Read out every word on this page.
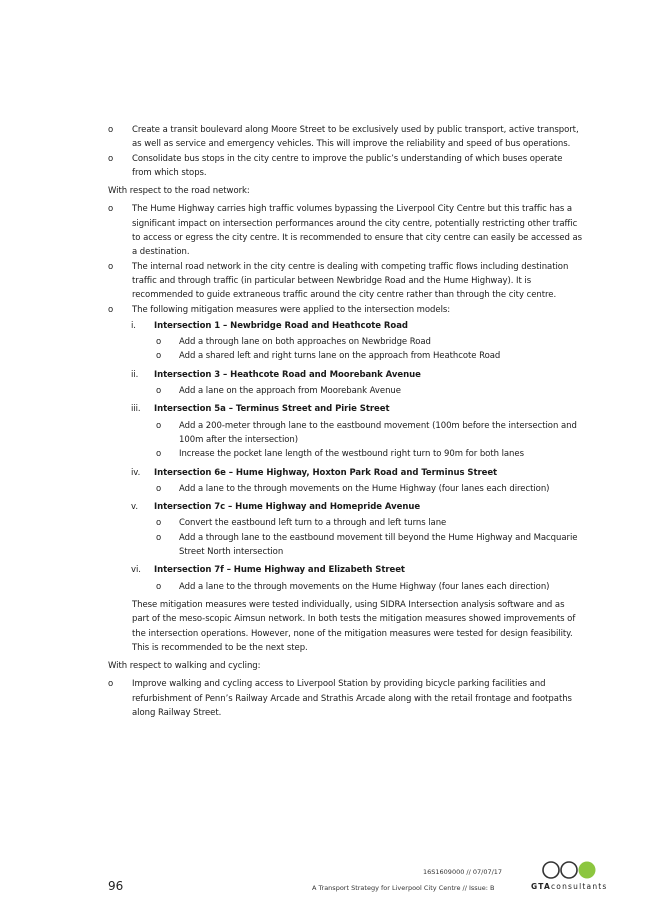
o	Create a transit boulevard along Moore Street to be exclusively used by public transport, active transport, as well as service and emergency vehicles. This will improve the reliability and speed of bus operations.

o	Consolidate bus stops in the city centre to improve the public’s understanding of which buses operate from which stops.

With respect to the road network:

o	The Hume Highway carries high traffic volumes bypassing the Liverpool City Centre but this traffic has a significant impact on intersection performances around the city centre, potentially restricting other traffic to access or egress the city centre. It is recommended to ensure that city centre can easily be accessed as a destination.

o	The internal road network in the city centre is dealing with competing traffic flows including destination traffic and through traffic (in particular between Newbridge Road and the Hume Highway). It is recommended to guide extraneous traffic around the city centre rather than through the city centre.

o	The following mitigation measures were applied to the intersection models:

i. Intersection 1 – Newbridge Road and Heathcote Road
o Add a through lane on both approaches on Newbridge Road
o Add a shared left and right turns lane on the approach from Heathcote Road
ii. Intersection 3 – Heathcote Road and Moorebank Avenue
o Add a lane on the approach from Moorebank Avenue
iii. Intersection 5a – Terminus Street and Pirie Street
o Add a 200-meter through lane to the eastbound movement (100m before the intersection and 100m after the intersection)
o Increase the pocket lane length of the westbound right turn to 90m for both lanes
iv. Intersection 6e – Hume Highway, Hoxton Park Road and Terminus Street
o Add a lane to the through movements on the Hume Highway (four lanes each direction)
v. Intersection 7c – Hume Highway and Homepride Avenue
o Convert the eastbound left turn to a through and left turns lane
o Add a through lane to the eastbound movement till beyond the Hume Highway and Macquarie Street North intersection
vi. Intersection 7f – Hume Highway and Elizabeth Street
o Add a lane to the through movements on the Hume Highway (four lanes each direction)

These mitigation measures were tested individually, using SIDRA Intersection analysis software and as part of the meso-scopic Aimsun network. In both tests the mitigation measures showed improvements of the intersection operations. However, none of the mitigation measures were tested for design feasibility. This is recommended to be the next step.

With respect to walking and cycling:

o	Improve walking and cycling access to Liverpool Station by providing bicycle parking facilities and refurbishment of Penn’s Railway Arcade and Strathis Arcade along with the retail frontage and footpaths along Railway Street.

96
16S1609000 // 07/07/17
A Transport Strategy for Liverpool City Centre // Issue: B	GTAconsultants
